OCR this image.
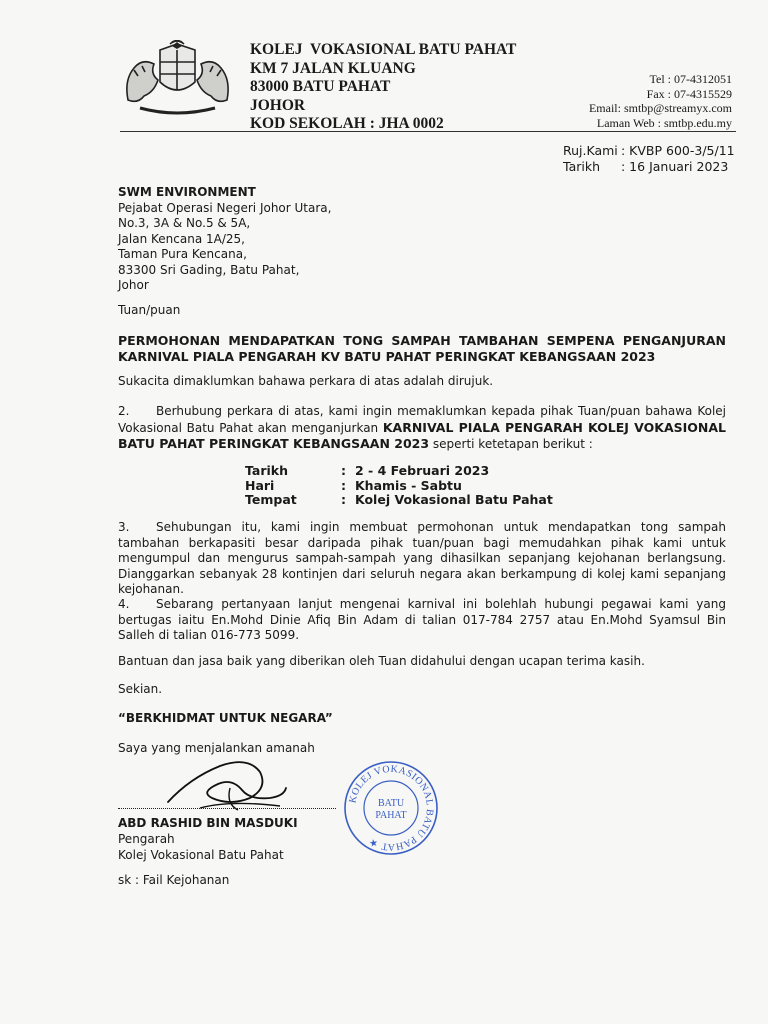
KOLEJ  VOKASIONAL BATU PAHAT
KM 7 JALAN KLUANG
83000 BATU PAHAT
JOHOR
KOD SEKOLAH : JHA 0002
Tel : 07-4312051
Fax : 07-4315529
Email: smtbp@streamyx.com
Laman Web : smtbp.edu.my
Ruj.Kami : KVBP 600-3/5/11
Tarikh : 16 Januari 2023
SWM ENVIRONMENT
Pejabat Operasi Negeri Johor Utara,
No.3, 3A & No.5 & 5A,
Jalan Kencana 1A/25,
Taman Pura Kencana,
83300 Sri Gading, Batu Pahat,
Johor
Tuan/puan
PERMOHONAN MENDAPATKAN TONG SAMPAH TAMBAHAN SEMPENA PENGANJURAN KARNIVAL PIALA PENGARAH KV BATU PAHAT PERINGKAT KEBANGSAAN 2023
Sukacita dimaklumkan bahawa perkara di atas adalah dirujuk.
2. Berhubung perkara di atas, kami ingin memaklumkan kepada pihak Tuan/puan bahawa Kolej Vokasional Batu Pahat akan menganjurkan KARNIVAL PIALA PENGARAH KOLEJ VOKASIONAL BATU PAHAT PERINGKAT KEBANGSAAN 2023 seperti ketetapan berikut :
Tarikh	: 2 - 4 Februari 2023
Hari	: Khamis - Sabtu
Tempat	: Kolej Vokasional Batu Pahat
3. Sehubungan itu, kami ingin membuat permohonan untuk mendapatkan tong sampah tambahan berkapasiti besar daripada pihak tuan/puan bagi memudahkan pihak kami untuk mengumpul dan mengurus sampah-sampah yang dihasilkan sepanjang kejohanan berlangsung. Dianggarkan sebanyak 28 kontinjen dari seluruh negara akan berkampung di kolej kami sepanjang kejohanan.
4. Sebarang pertanyaan lanjut mengenai karnival ini bolehlah hubungi pegawai kami yang bertugas iaitu En.Mohd Dinie Afiq Bin Adam di talian 017-784 2757 atau En.Mohd Syamsul Bin Salleh di talian 016-773 5099.
Bantuan dan jasa baik yang diberikan oleh Tuan didahului dengan ucapan terima kasih.
Sekian.
“BERKHIDMAT UNTUK NEGARA”
Saya yang menjalankan amanah
ABD RASHID BIN MASDUKI
Pengarah
Kolej Vokasional Batu Pahat
KOLEJ VOKASIONAL BATU PAHAT ★
BATU
PAHAT
sk : Fail Kejohanan
